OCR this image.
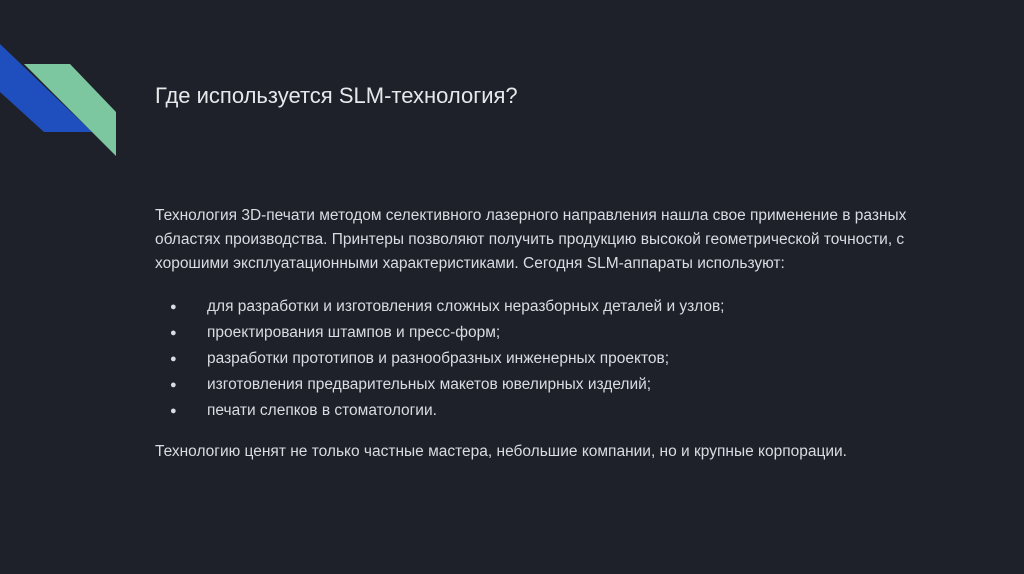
Где используется SLM-технология?

Технология 3D-печати методом селективного лазерного направления нашла свое применение в разных областях производства. Принтеры позволяют получить продукцию высокой геометрической точности, с хорошими эксплуатационными характеристиками. Сегодня SLM-аппараты используют:

● для разработки и изготовления сложных неразборных деталей и узлов;
● проектирования штампов и пресс-форм;
● разработки прототипов и разнообразных инженерных проектов;
● изготовления предварительных макетов ювелирных изделий;
● печати слепков в стоматологии.

Технологию ценят не только частные мастера, небольшие компании, но и крупные корпорации.
